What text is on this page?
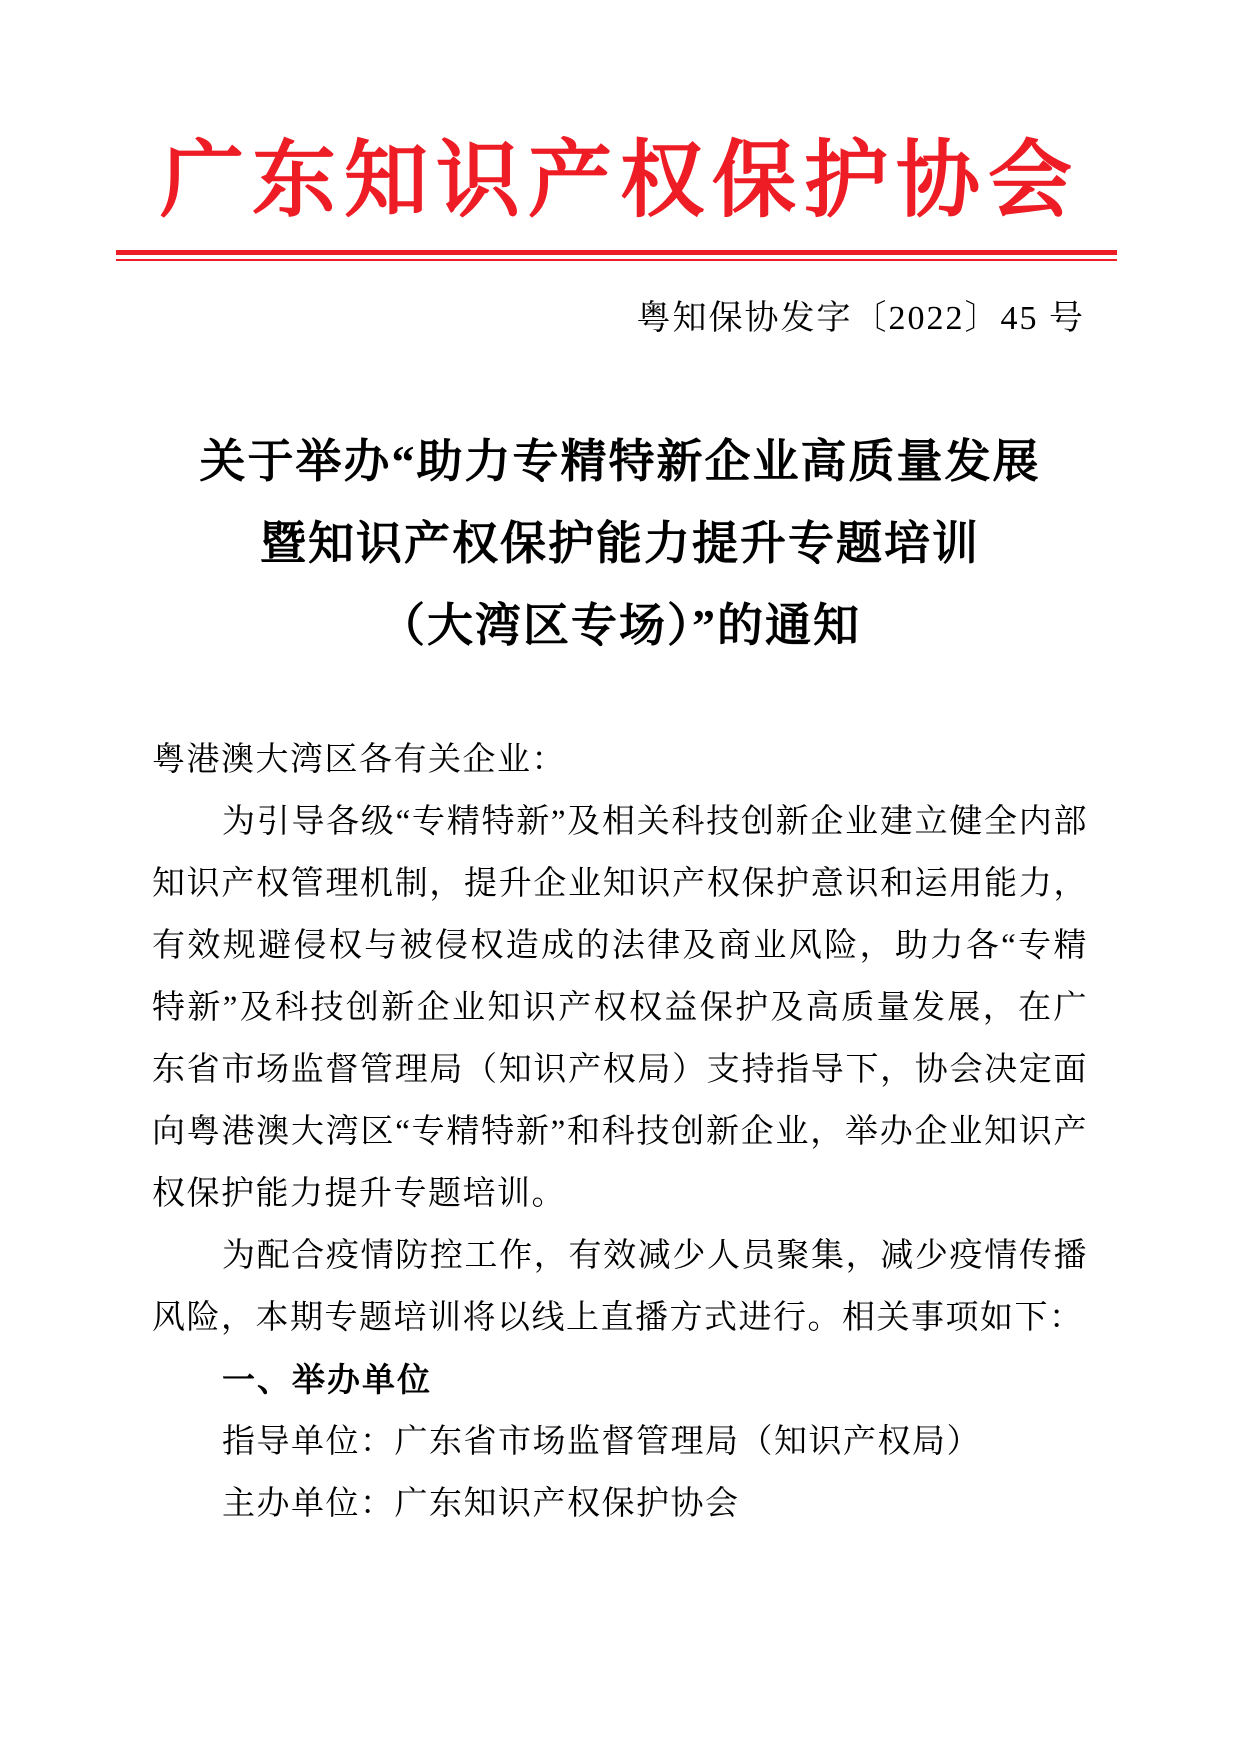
广东知识产权保护协会
粤知保协发字〔2022〕45 号
关于举办“助力专精特新企业高质量发展
暨知识产权保护能力提升专题培训
（大湾区专场）”的通知
粤港澳大湾区各有关企业：
为引导各级“专精特新”及相关科技创新企业建立健全内部知识产权管理机制，提升企业知识产权保护意识和运用能力，有效规避侵权与被侵权造成的法律及商业风险，助力各“专精特新”及科技创新企业知识产权权益保护及高质量发展，在广东省市场监督管理局（知识产权局）支持指导下，协会决定面向粤港澳大湾区“专精特新”和科技创新企业，举办企业知识产权保护能力提升专题培训。
为配合疫情防控工作，有效减少人员聚集，减少疫情传播风险，本期专题培训将以线上直播方式进行。相关事项如下：
一、举办单位
指导单位：广东省市场监督管理局（知识产权局）
主办单位：广东知识产权保护协会
